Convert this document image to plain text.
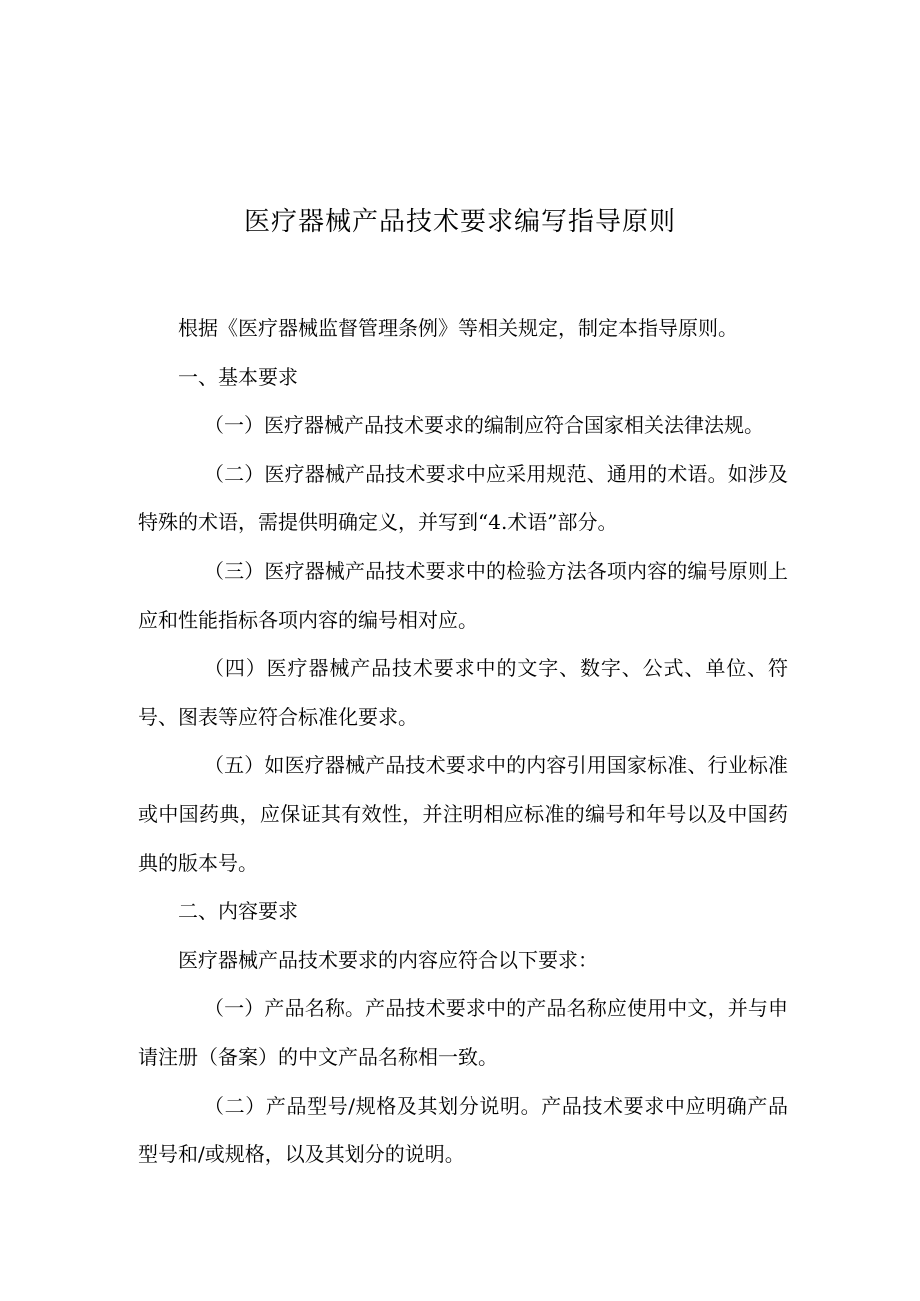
医疗器械产品技术要求编写指导原则

根据《医疗器械监督管理条例》等相关规定，制定本指导原则。

一、基本要求

（一）医疗器械产品技术要求的编制应符合国家相关法律法规。

（二）医疗器械产品技术要求中应采用规范、通用的术语。如涉及特殊的术语，需提供明确定义，并写到“4.术语”部分。

（三）医疗器械产品技术要求中的检验方法各项内容的编号原则上应和性能指标各项内容的编号相对应。

（四）医疗器械产品技术要求中的文字、数字、公式、单位、符号、图表等应符合标准化要求。

（五）如医疗器械产品技术要求中的内容引用国家标准、行业标准或中国药典，应保证其有效性，并注明相应标准的编号和年号以及中国药典的版本号。

二、内容要求

医疗器械产品技术要求的内容应符合以下要求：

（一）产品名称。产品技术要求中的产品名称应使用中文，并与申请注册（备案）的中文产品名称相一致。

（二）产品型号/规格及其划分说明。产品技术要求中应明确产品型号和/或规格，以及其划分的说明。
